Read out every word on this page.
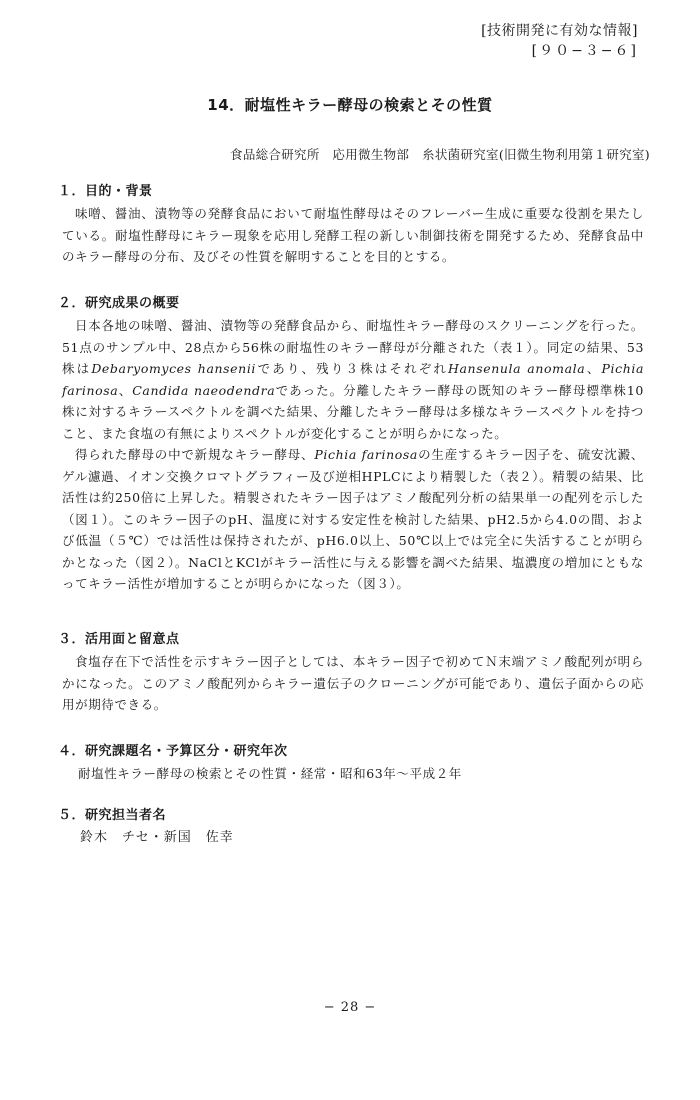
[技術開発に有効な情報]
[９０−３−６]
14．耐塩性キラー酵母の検索とその性質
食品総合研究所　応用微生物部　糸状菌研究室(旧微生物利用第１研究室)
１．目的・背景

味噌、醤油、漬物等の発酵食品において耐塩性酵母はそのフレーバー生成に重要な役割を果たしている。耐塩性酵母にキラー現象を応用し発酵工程の新しい制御技術を開発するため、発酵食品中のキラー酵母の分布、及びその性質を解明することを目的とする。

２．研究成果の概要

日本各地の味噌、醤油、漬物等の発酵食品から、耐塩性キラー酵母のスクリーニングを行った。51点のサンプル中、28点から56株の耐塩性のキラー酵母が分離された（表１）。同定の結果、53株はDebaryomyces hanseniiであり、残り３株はそれぞれHansenula anomala、Pichia farinosa、Candida naeodendraであった。分離したキラー酵母の既知のキラー酵母標準株10株に対するキラースペクトルを調べた結果、分離したキラー酵母は多様なキラースペクトルを持つこと、また食塩の有無によりスペクトルが変化することが明らかになった。

得られた酵母の中で新規なキラー酵母、Pichia farinosaの生産するキラー因子を、硫安沈澱、ゲル濾過、イオン交換クロマトグラフィー及び逆相HPLCにより精製した（表２）。精製の結果、比活性は約250倍に上昇した。精製されたキラー因子はアミノ酸配列分析の結果単一の配列を示した（図１）。このキラー因子のpH、温度に対する安定性を検討した結果、pH2.5から4.0の間、および低温（５℃）では活性は保持されたが、pH6.0以上、50℃以上では完全に失活することが明らかとなった（図２）。NaClとKClがキラー活性に与える影響を調べた結果、塩濃度の増加にともなってキラー活性が増加することが明らかになった（図３）。

３．活用面と留意点

食塩存在下で活性を示すキラー因子としては、本キラー因子で初めてＮ末端アミノ酸配列が明らかになった。このアミノ酸配列からキラー遺伝子のクローニングが可能であり、遺伝子面からの応用が期待できる。

４．研究課題名・予算区分・研究年次
耐塩性キラー酵母の検索とその性質・経常・昭和63年〜平成２年
５．研究担当者名
鈴木　チセ・新国　佐幸
− 28 −
